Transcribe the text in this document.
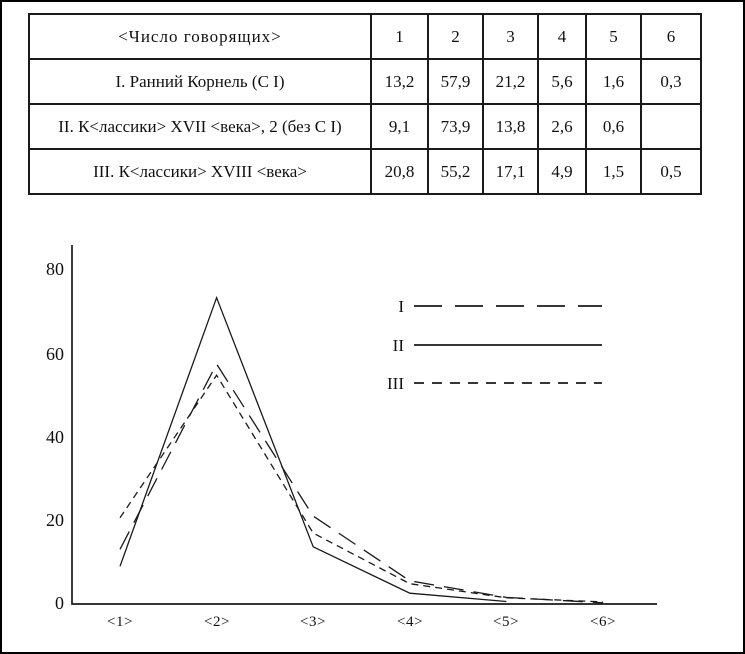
<Число говорящих>	1	2	3	4	5	6
I. Ранний Корнель (С I)	13,2	57,9	21,2	5,6	1,6	0,3
II. К<лассики> XVII <века>, 2 (без С I)	9,1	73,9	13,8	2,6	0,6	
III. К<лассики> XVIII <века>	20,8	55,2	17,1	4,9	1,5	0,5
0
20
40
60
80
<1>	<2>	<3>	<4>	<5>	<6>
I
II
III
